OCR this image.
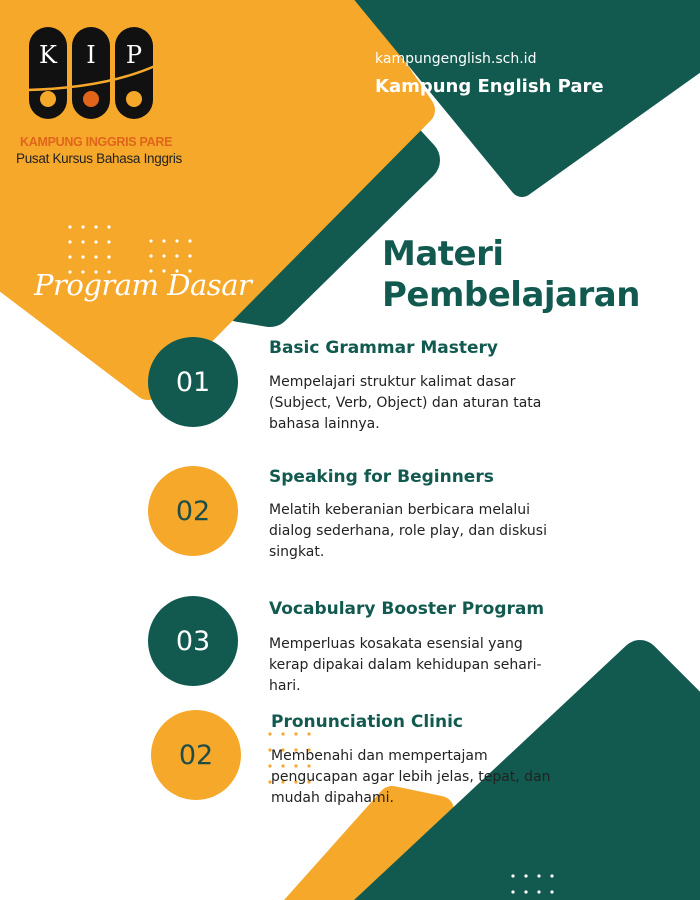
K	I	P
KAMPUNG INGGRIS PARE
Pusat Kursus Bahasa Inggris
kampungenglish.sch.id
Kampung English Pare
Program Dasar
Materi
Pembelajaran
01
Basic Grammar Mastery
Mempelajari struktur kalimat dasar (Subject, Verb, Object) dan aturan tata bahasa lainnya.
02
Speaking for Beginners
Melatih keberanian berbicara melalui dialog sederhana, role play, dan diskusi singkat.
03
Vocabulary Booster Program
Memperluas kosakata esensial yang kerap dipakai dalam kehidupan sehari-hari.
02
Pronunciation Clinic
Membenahi dan mempertajam pengucapan agar lebih jelas, tepat, dan mudah dipahami.
